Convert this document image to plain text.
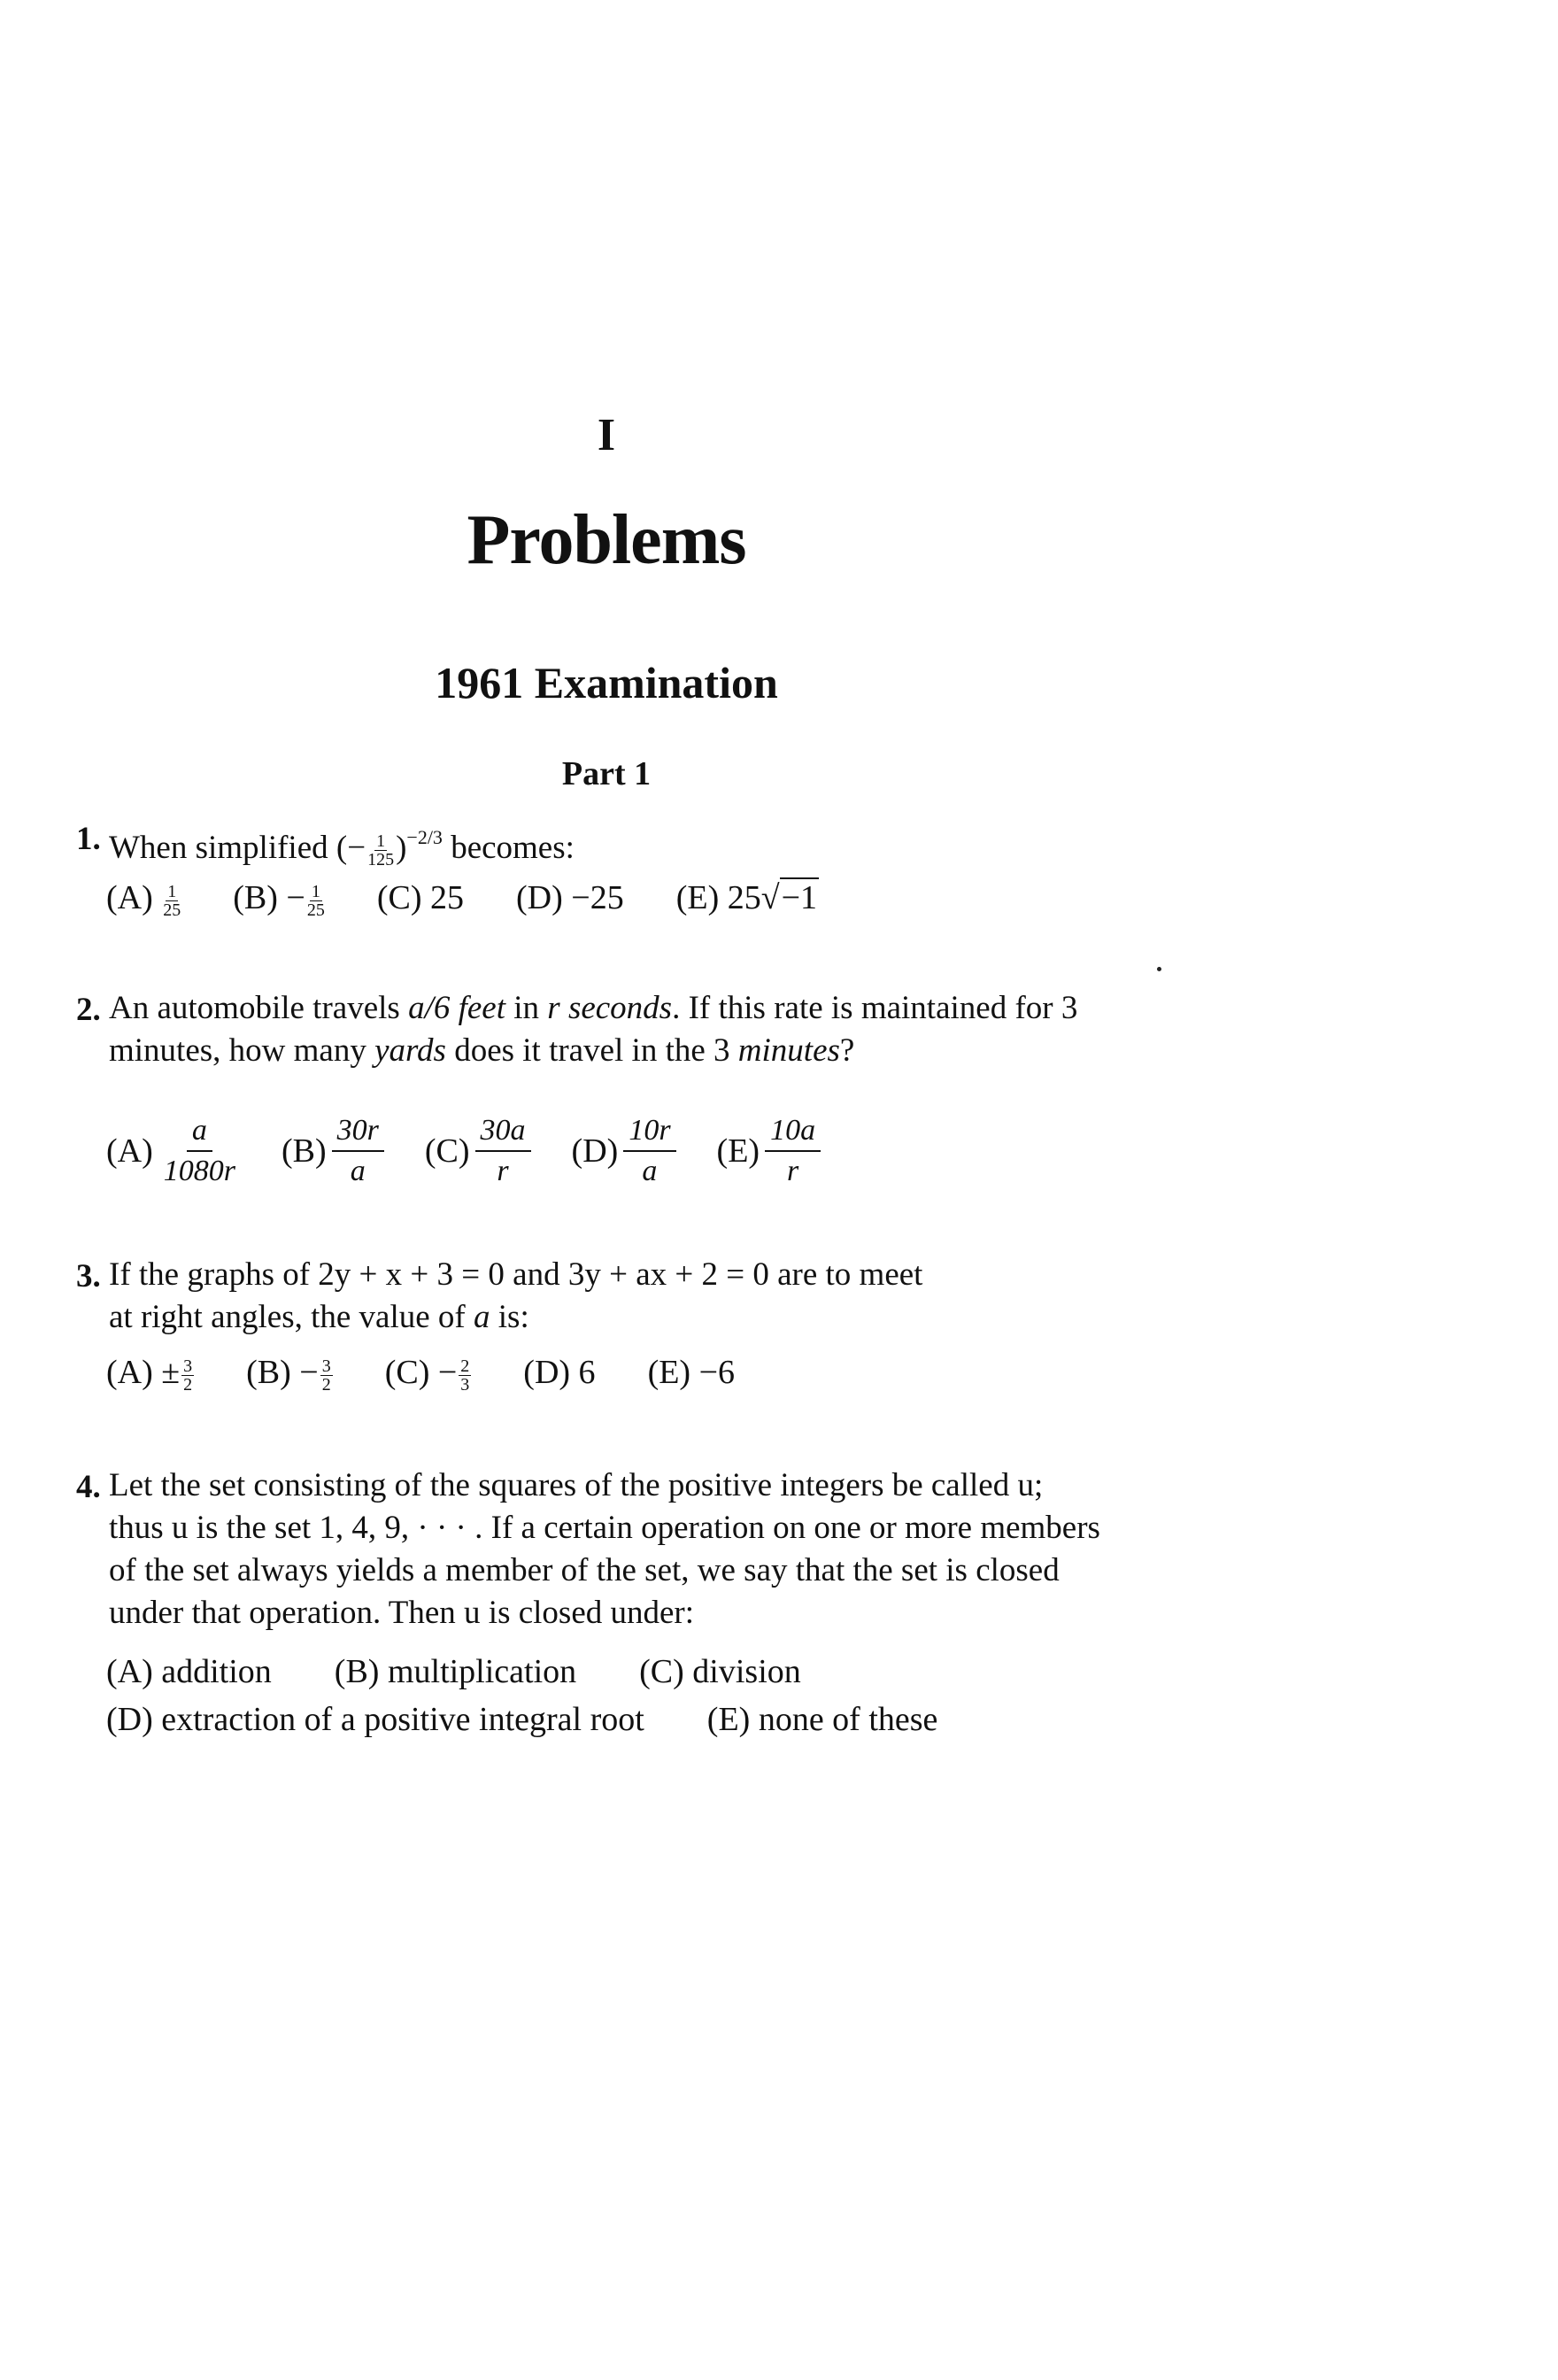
I
Problems
1961 Examination
Part 1
1. When simplified (− $\frac{1}{125} )^{-2/3}$ becomes:
$(A) \frac{1}{25} (B) - \frac{1}{25} (C)$ 25 (D) −25 (E) 25√−1
2. An automobile travels a/6 feet in r seconds. If this rate is maintained for 3
minutes, how many yards does it travel in the 3 minutes?
$(A) \frac{a}{1080r} (B) \frac{30r}{a} (C) \frac{30a}{r} (D) \frac{10r}{a} (E) \frac{10a}{r}$
3. If the graphs of 2y + x + 3 = 0 and 3y + ax + 2 = 0 are to meet
at right angles, the value of a is:
$(A) \pm \frac{3}{2} (B) - \frac{3}{2} (C) - \frac{2}{3} (D)$ 6 (E) −6
4. Let the set consisting of the squares of the positive integers be called u;
thus u is the set 1, 4, 9, · · · . If a certain operation on one or more members
of the set always yields a member of the set, we say that the set is closed
under that operation. Then u is closed under:
(A) addition (B) multiplication (C) division
(D) extraction of a positive integral root (E) none of these
